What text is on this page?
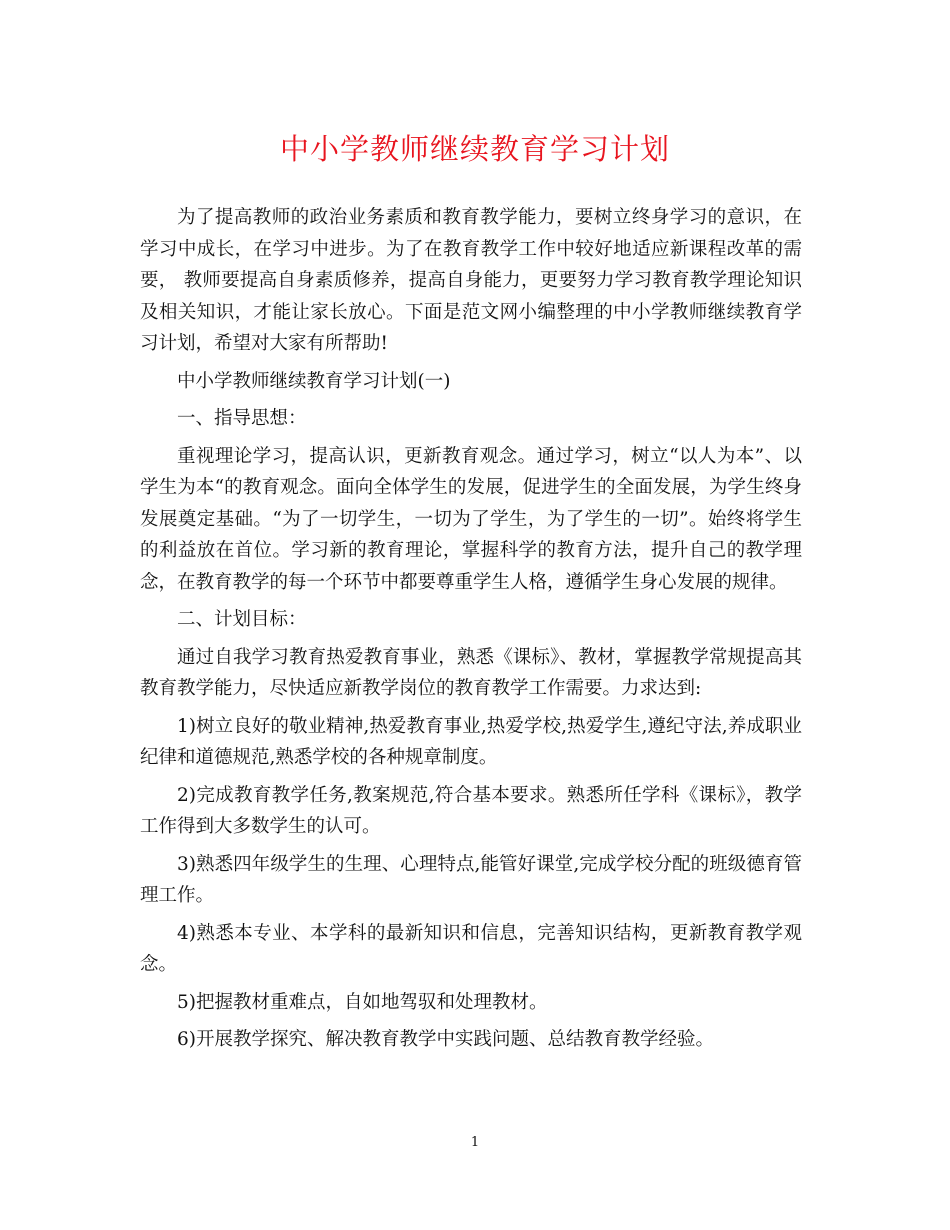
中小学教师继续教育学习计划

为了提高教师的政治业务素质和教育教学能力，要树立终身学习的意识，在学习中成长，在学习中进步。为了在教育教学工作中较好地适应新课程改革的需要， 教师要提高自身素质修养，提高自身能力，更要努力学习教育教学理论知识及相关知识，才能让家长放心。下面是范文网小编整理的中小学教师继续教育学习计划，希望对大家有所帮助!

中小学教师继续教育学习计划(一)

一、指导思想：

重视理论学习，提高认识，更新教育观念。通过学习，树立“以人为本”、以学生为本“的教育观念。面向全体学生的发展，促进学生的全面发展，为学生终身发展奠定基础。“为了一切学生，一切为了学生，为了学生的一切”。始终将学生的利益放在首位。学习新的教育理论，掌握科学的教育方法，提升自己的教学理念，在教育教学的每一个环节中都要尊重学生人格，遵循学生身心发展的规律。

二、计划目标：

通过自我学习教育热爱教育事业，熟悉《课标》、教材，掌握教学常规提高其教育教学能力，尽快适应新教学岗位的教育教学工作需要。力求达到:

1)树立良好的敬业精神,热爱教育事业,热爱学校,热爱学生,遵纪守法,养成职业纪律和道德规范,熟悉学校的各种规章制度。

2)完成教育教学任务,教案规范,符合基本要求。熟悉所任学科《课标》，教学工作得到大多数学生的认可。

3)熟悉四年级学生的生理、心理特点,能管好课堂,完成学校分配的班级德育管理工作。

4)熟悉本专业、本学科的最新知识和信息，完善知识结构，更新教育教学观念。

5)把握教材重难点，自如地驾驭和处理教材。

6)开展教学探究、解决教育教学中实践问题、总结教育教学经验。

1
